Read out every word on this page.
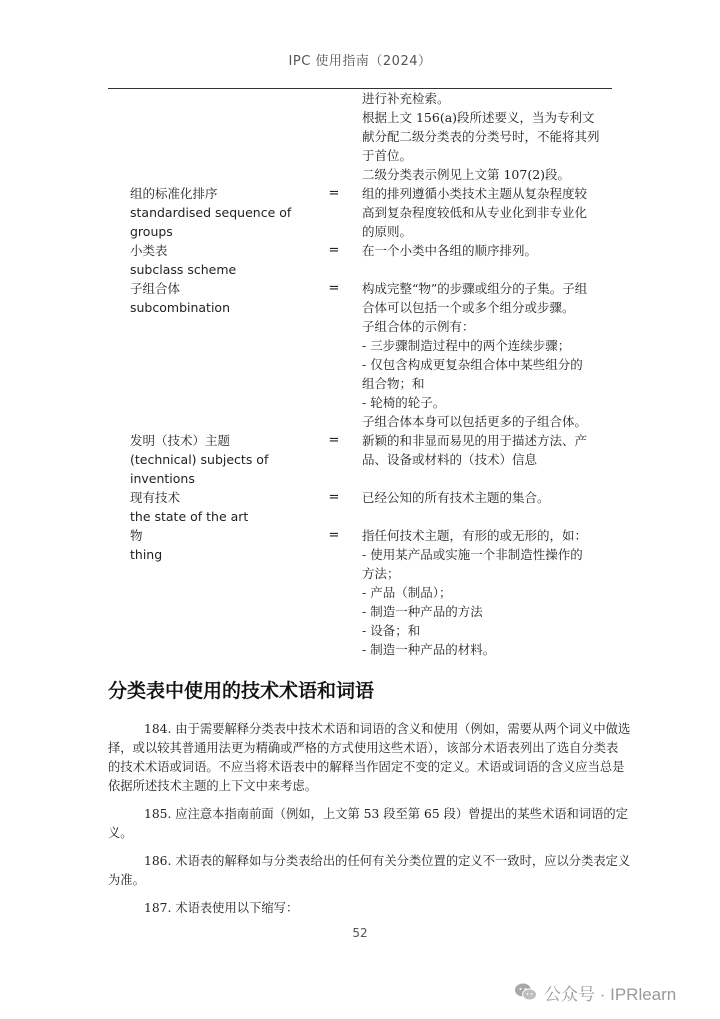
IPC 使用指南（2024）
进行补充检索。
根据上文 156(a)段所述要义，当为专利文
献分配二级分类表的分类号时，不能将其列
于首位。
二级分类表示例见上文第 107(2)段。
组的标准化排序
standardised sequence of
groups
= 组的排列遵循小类技术主题从复杂程度较
高到复杂程度较低和从专业化到非专业化
的原则。
小类表
subclass scheme
= 在一个小类中各组的顺序排列。

子组合体
subcombination
= 构成完整“物”的步骤或组分的子集。子组
合体可以包括一个或多个组分或步骤。
子组合体的示例有：
- 三步骤制造过程中的两个连续步骤；
- 仅包含构成更复杂组合体中某些组分的
组合物；和
- 轮椅的轮子。
子组合体本身可以包括更多的子组合体。
发明（技术）主题
(technical) subjects of
inventions
= 新颖的和非显而易见的用于描述方法、产
品、设备或材料的（技术）信息

现有技术
the state of the art
= 已经公知的所有技术主题的集合。

物
thing
= 指任何技术主题，有形的或无形的，如：
- 使用某产品或实施一个非制造性操作的
方法；
- 产品（制品）；
- 制造一种产品的方法
- 设备；和
- 制造一种产品的材料。
分类表中使用的技术术语和词语
184. 由于需要解释分类表中技术术语和词语的含义和使用（例如，需要从两个词义中做选
择，或以较其普通用法更为精确或严格的方式使用这些术语），该部分术语表列出了选自分类表
的技术术语或词语。不应当将术语表中的解释当作固定不变的定义。术语或词语的含义应当总是
依据所述技术主题的上下文中来考虑。
185. 应注意本指南前面（例如，上文第 53 段至第 65 段）曾提出的某些术语和词语的定
义。
186. 术语表的解释如与分类表给出的任何有关分类位置的定义不一致时，应以分类表定义
为准。
187. 术语表使用以下缩写：
52
公众号 · IPRlearn
